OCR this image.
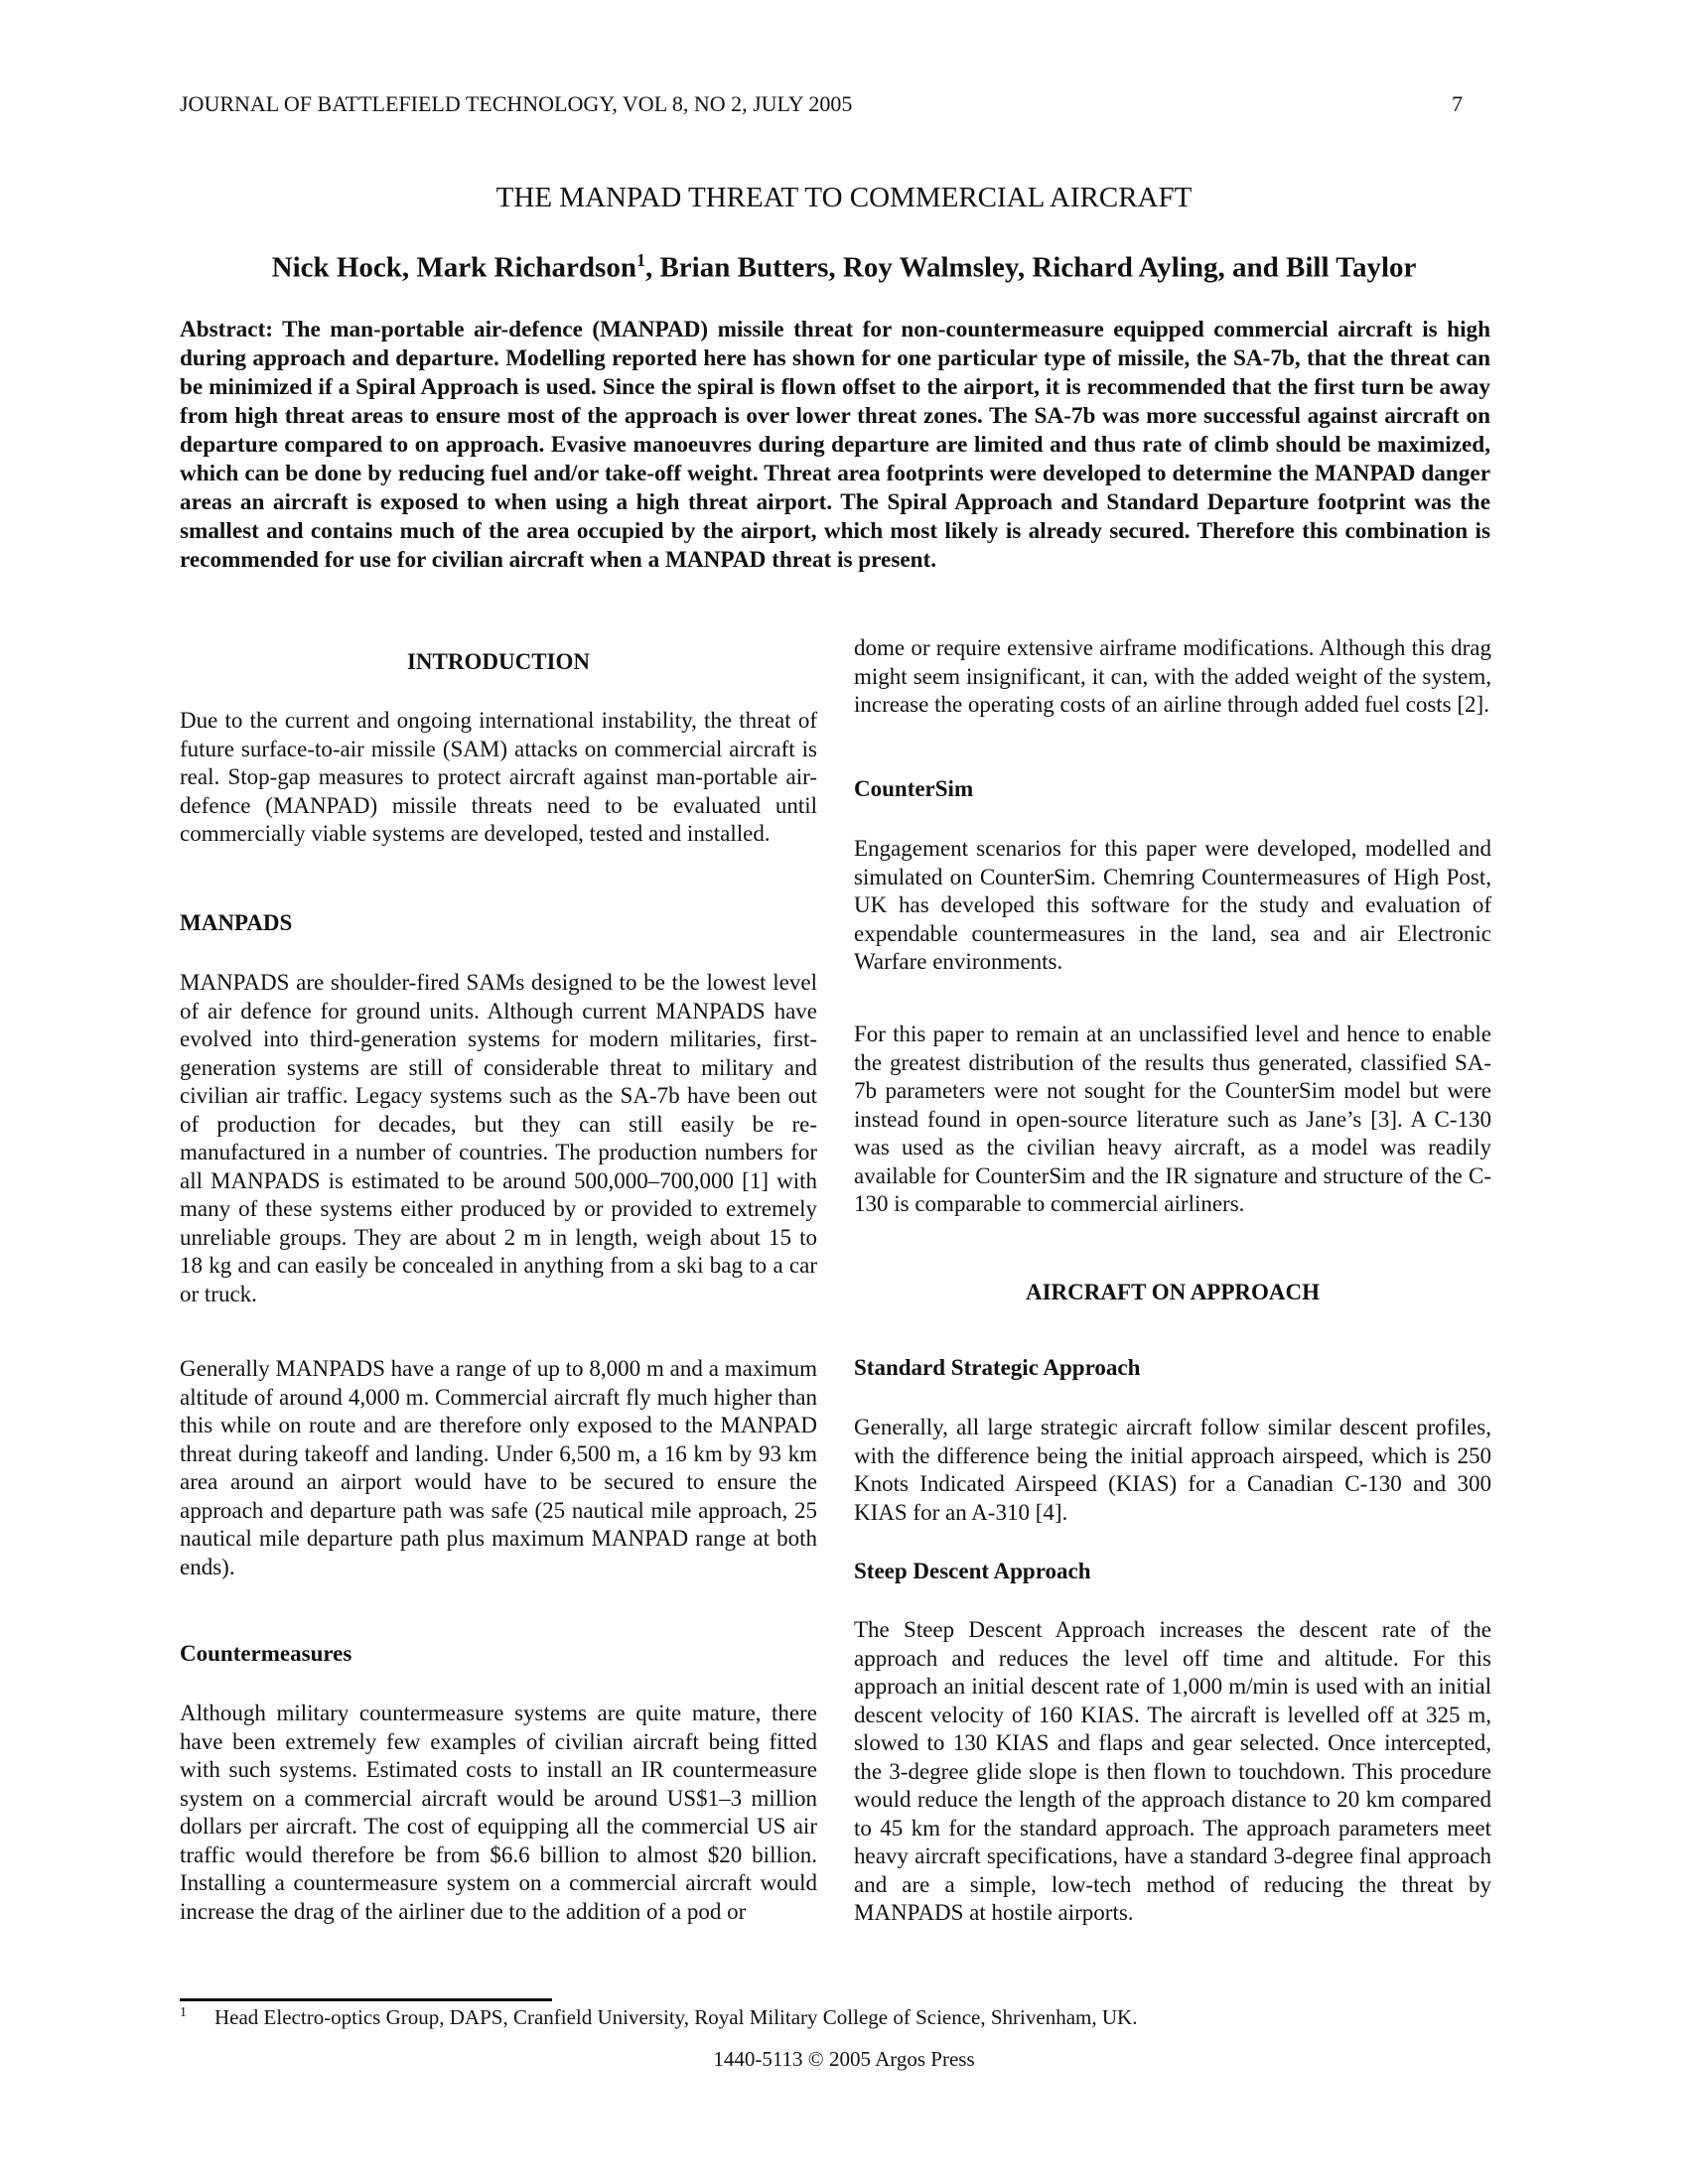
JOURNAL OF BATTLEFIELD TECHNOLOGY, VOL 8, NO 2, JULY 2005	7
THE MANPAD THREAT TO COMMERCIAL AIRCRAFT
Nick Hock, Mark Richardson$^1$, Brian Butters, Roy Walmsley, Richard Ayling, and Bill Taylor

Abstract: The man-portable air-defence (MANPAD) missile threat for non-countermeasure equipped commercial aircraft is high during approach and departure. Modelling reported here has shown for one particular type of missile, the SA-7b, that the threat can be minimized if a Spiral Approach is used. Since the spiral is flown offset to the airport, it is recommended that the first turn be away from high threat areas to ensure most of the approach is over lower threat zones. The SA-7b was more successful against aircraft on departure compared to on approach. Evasive manoeuvres during departure are limited and thus rate of climb should be maximized, which can be done by reducing fuel and/or take-off weight. Threat area footprints were developed to determine the MANPAD danger areas an aircraft is exposed to when using a high threat airport. The Spiral Approach and Standard Departure footprint was the smallest and contains much of the area occupied by the airport, which most likely is already secured. Therefore this combination is recommended for use for civilian aircraft when a MANPAD threat is present.

INTRODUCTION

Due to the current and ongoing international instability, the threat of future surface-to-air missile (SAM) attacks on commercial aircraft is real. Stop-gap measures to protect aircraft against man-portable air-defence (MANPAD) missile threats need to be evaluated until commercially viable systems are developed, tested and installed.

MANPADS

MANPADS are shoulder-fired SAMs designed to be the lowest level of air defence for ground units. Although current MANPADS have evolved into third-generation systems for modern militaries, first-generation systems are still of considerable threat to military and civilian air traffic. Legacy systems such as the SA-7b have been out of production for decades, but they can still easily be re-manufactured in a number of countries. The production numbers for all MANPADS is estimated to be around 500,000–700,000 [1] with many of these systems either produced by or provided to extremely unreliable groups. They are about 2 m in length, weigh about 15 to 18 kg and can easily be concealed in anything from a ski bag to a car or truck.

Generally MANPADS have a range of up to 8,000 m and a maximum altitude of around 4,000 m. Commercial aircraft fly much higher than this while on route and are therefore only exposed to the MANPAD threat during takeoff and landing. Under 6,500 m, a 16 km by 93 km area around an airport would have to be secured to ensure the approach and departure path was safe (25 nautical mile approach, 25 nautical mile departure path plus maximum MANPAD range at both ends).

Countermeasures

Although military countermeasure systems are quite mature, there have been extremely few examples of civilian aircraft being fitted with such systems. Estimated costs to install an IR countermeasure system on a commercial aircraft would be around US$1–3 million dollars per aircraft. The cost of equipping all the commercial US air traffic would therefore be from $6.6 billion to almost $20 billion. Installing a countermeasure system on a commercial aircraft would increase the drag of the airliner due to the addition of a pod or

dome or require extensive airframe modifications. Although this drag might seem insignificant, it can, with the added weight of the system, increase the operating costs of an airline through added fuel costs [2].

CounterSim

Engagement scenarios for this paper were developed, modelled and simulated on CounterSim. Chemring Countermeasures of High Post, UK has developed this software for the study and evaluation of expendable countermeasures in the land, sea and air Electronic Warfare environments.

For this paper to remain at an unclassified level and hence to enable the greatest distribution of the results thus generated, classified SA-7b parameters were not sought for the CounterSim model but were instead found in open-source literature such as Jane’s [3]. A C-130 was used as the civilian heavy aircraft, as a model was readily available for CounterSim and the IR signature and structure of the C-130 is comparable to commercial airliners.

AIRCRAFT ON APPROACH
Standard Strategic Approach

Generally, all large strategic aircraft follow similar descent profiles, with the difference being the initial approach airspeed, which is 250 Knots Indicated Airspeed (KIAS) for a Canadian C-130 and 300 KIAS for an A-310 [4].

Steep Descent Approach

The Steep Descent Approach increases the descent rate of the approach and reduces the level off time and altitude. For this approach an initial descent rate of 1,000 m/min is used with an initial descent velocity of 160 KIAS. The aircraft is levelled off at 325 m, slowed to 130 KIAS and flaps and gear selected. Once intercepted, the 3-degree glide slope is then flown to touchdown. This procedure would reduce the length of the approach distance to 20 km compared to 45 km for the standard approach. The approach parameters meet heavy aircraft specifications, have a standard 3-degree final approach and are a simple, low-tech method of reducing the threat by MANPADS at hostile airports.

$^1$ Head Electro-optics Group, DAPS, Cranfield University, Royal Military College of Science, Shrivenham, UK.
1440-5113 © 2005 Argos Press
